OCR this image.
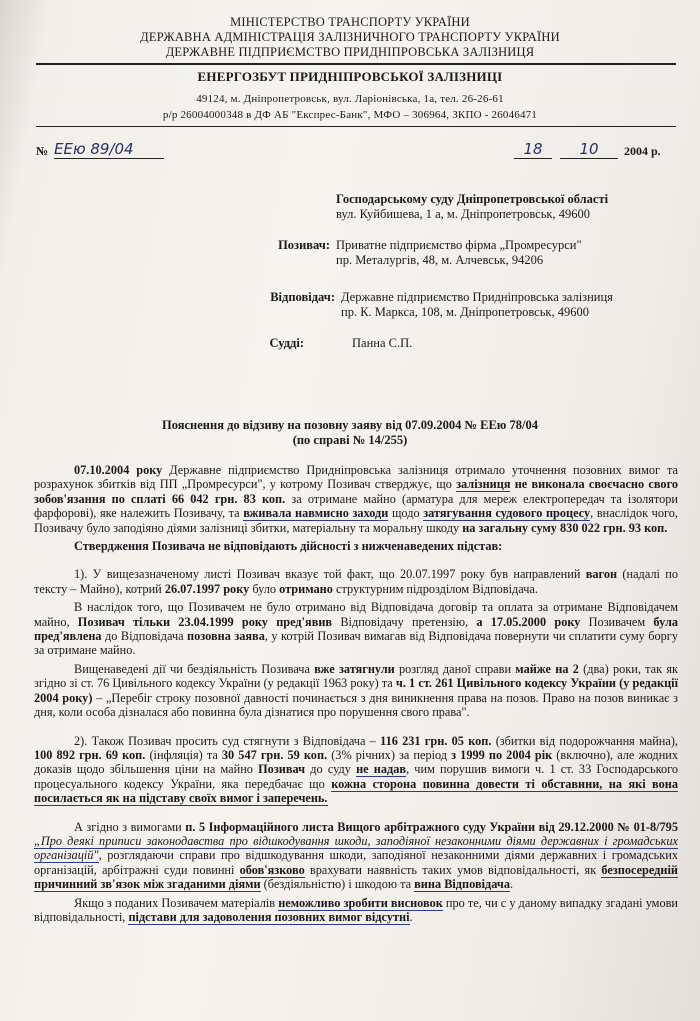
МІНІСТЕРСТВО ТРАНСПОРТУ УКРАЇНИ
ДЕРЖАВНА АДМІНІСТРАЦІЯ ЗАЛІЗНИЧНОГО ТРАНСПОРТУ УКРАЇНИ
ДЕРЖАВНЕ ПІДПРИЄМСТВО ПРИДНІПРОВСЬКА ЗАЛІЗНИЦЯ
ЕНЕРГОЗБУТ ПРИДНІПРОВСЬКОЇ ЗАЛІЗНИЦІ
49124, м. Дніпропетровськ, вул. Ларіонівська, 1а, тел. 26-26-61
р/р 26004000348 в ДФ АБ "Експрес-Банк", МФО – 306964, ЗКПО - 26046471
№ ЕЕю 89/04	18	10	2004 р.
Господарському суду Дніпропетровської області
вул. Куйбишева, 1 а, м. Дніпропетровськ, 49600
Позивач: Приватне підприємство фірма „Промресурси"
пр. Металургів, 48, м. Алчевськ, 94206
Відповідач: Державне підприємство Придніпровська залізниця
пр. К. Маркса, 108, м. Дніпропетровськ, 49600
Судді:	Панна С.П.
Пояснення до відзиву на позовну заяву від 07.09.2004 № ЕЕю 78/04
(по справі № 14/255)

07.10.2004 року Державне підприємство Придніпровська залізниця отримало уточнення позовних вимог та розрахунок збитків від ПП „Промресурси", у котрому Позивач стверджує, що залізниця не виконала своєчасно свого зобов'язання по сплаті 66 042 грн. 83 коп. за отримане майно (арматура для мереж електропередач та ізолятори фарфорові), яке належить Позивачу, та вживала навмисно заходи щодо затягування судового процесу, внаслідок чого, Позивачу було заподіяно діями залізниці збитки, матеріальну та моральну шкоду на загальну суму 830 022 грн. 93 коп.

Ствердження Позивача не відповідають дійсності з нижченаведених підстав:

1). У вищезазначеному листі Позивач вказує той факт, що 20.07.1997 року був направлений вагон (надалі по тексту – Майно), котрий 26.07.1997 року було отримано структурним підрозділом Відповідача.

В наслідок того, що Позивачем не було отримано від Відповідача договір та оплата за отримане Відповідачем майно, Позивач тільки 23.04.1999 року пред'явив Відповідачу претензію, а 17.05.2000 року Позивачем була пред'явлена до Відповідача позовна заява, у котрій Позивач вимагав від Відповідача повернути чи сплатити суму боргу за отримане майно.

Вищенаведені дії чи бездіяльність Позивача вже затягнули розгляд даної справи майже на 2 (два) роки, так як згідно зі ст. 76 Цивільного кодексу України (у редакції 1963 року) та ч. 1 ст. 261 Цивільного кодексу України (у редакції 2004 року) – „Перебіг строку позовної давності починається з дня виникнення права на позов. Право на позов виникає з дня, коли особа дізналася або повинна була дізнатися про порушення свого права".

2). Також Позивач просить суд стягнути з Відповідача – 116 231 грн. 05 коп. (збитки від подорожчання майна), 100 892 грн. 69 коп. (інфляція) та 30 547 грн. 59 коп. (3% річних) за період з 1999 по 2004 рік (включно), але жодних доказів щодо збільшення ціни на майно Позивач до суду не надав, чим порушив вимоги ч. 1 ст. 33 Господарського процесуального кодексу України, яка передбачає що кожна сторона повинна довести ті обставини, на які вона посилається як на підставу своїх вимог і заперечень.

А згідно з вимогами п. 5 Інформаційного листа Вищого арбітражного суду України від 29.12.2000 № 01-8/795 „Про деякі приписи законодавства про відшкодування шкоди, заподіяної незаконними діями державних і громадських організацій", розглядаючи справи про відшкодування шкоди, заподіяної незаконними діями державних і громадських організацій, арбітражні суди повинні обов'язково врахувати наявність таких умов відповідальності, як безпосередній причинний зв'язок між згаданими діями (бездіяльністю) і шкодою та вина Відповідача.

Якщо з поданих Позивачем матеріалів неможливо зробити висновок про те, чи с у даному випадку згадані умови відповідальності, підстави для задоволення позовних вимог відсутні.
